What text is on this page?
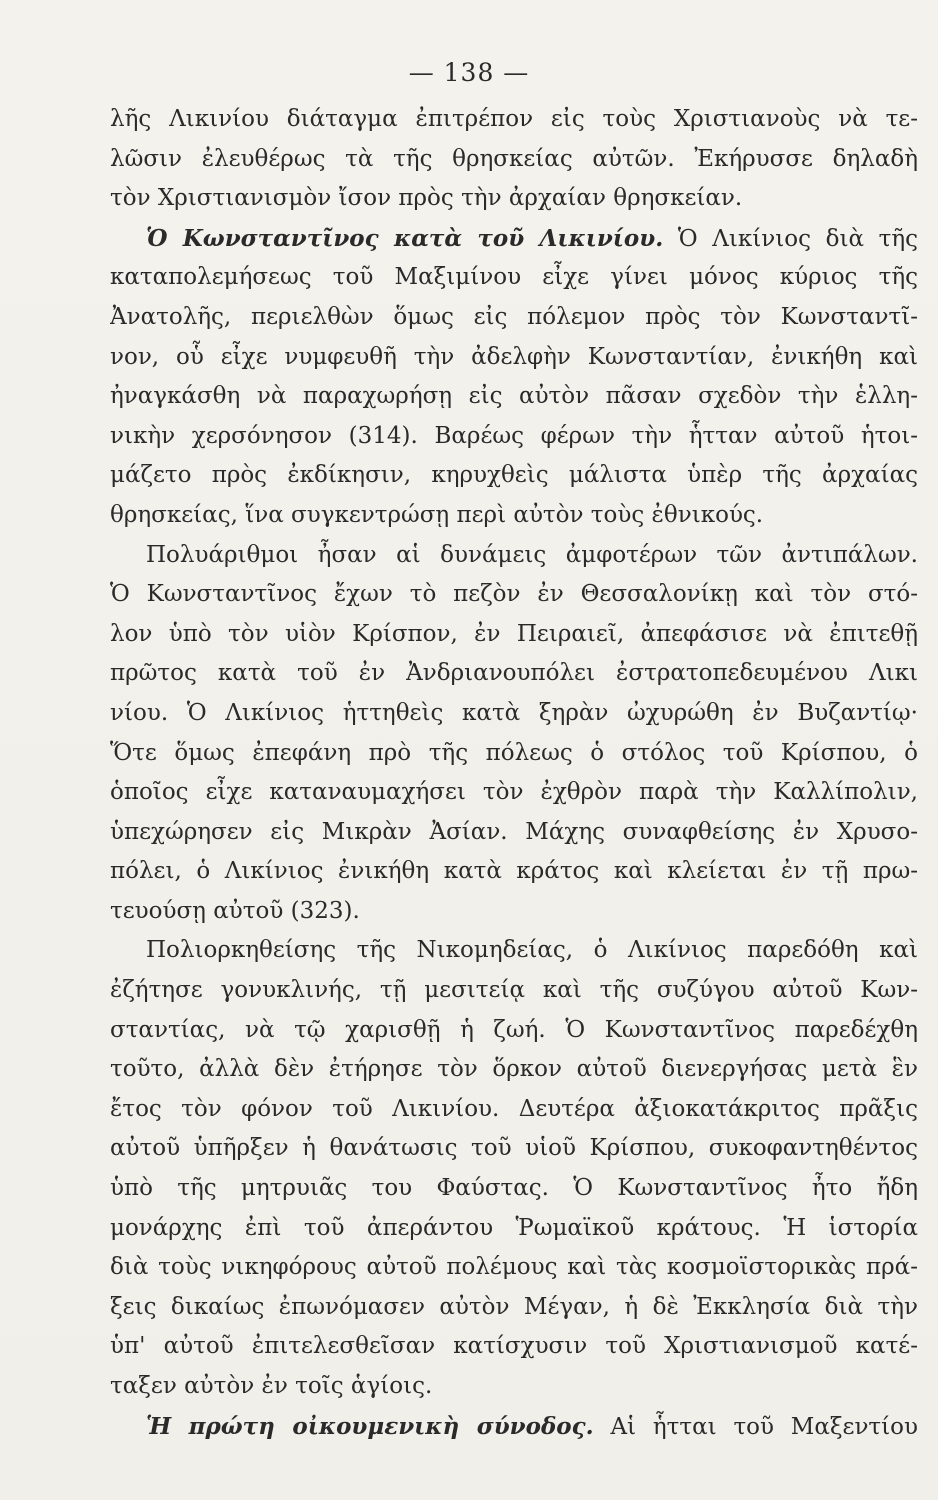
— 138 —
λῆς Λικινίου διάταγμα ἐπιτρέπον εἰς τοὺς Χριστιανοὺς νὰ τε-
λῶσιν ἐλευθέρως τὰ τῆς θρησκείας αὐτῶν. Ἐκήρυσσε δηλαδὴ
τὸν Χριστιανισμὸν ἴσον πρὸς τὴν ἀρχαίαν θρησκείαν.
Ὁ Κωνσταντῖνος κατὰ τοῦ Λικινίου. Ὁ Λικίνιος διὰ τῆς
καταπολεμήσεως τοῦ Μαξιμίνου εἶχε γίνει μόνος κύριος τῆς
Ἀνατολῆς, περιελθὼν ὅμως εἰς πόλεμον πρὸς τὸν Κωνσταντῖ-
νον, οὗ εἶχε νυμφευθῆ τὴν ἀδελφὴν Κωνσταντίαν, ἐνικήθη καὶ
ἠναγκάσθη νὰ παραχωρήσῃ εἰς αὐτὸν πᾶσαν σχεδὸν τὴν ἑλλη-
νικὴν χερσόνησον (314). Βαρέως φέρων τὴν ἧτταν αὐτοῦ ἡτοι-
μάζετο πρὸς ἐκδίκησιν, κηρυχθεὶς μάλιστα ὑπὲρ τῆς ἀρχαίας
θρησκείας, ἵνα συγκεντρώσῃ περὶ αὐτὸν τοὺς ἐθνικούς.
Πολυάριθμοι ἦσαν αἱ δυνάμεις ἀμφοτέρων τῶν ἀντιπάλων.
Ὁ Κωνσταντῖνος ἔχων τὸ πεζὸν ἐν Θεσσαλονίκῃ καὶ τὸν στό-
λον ὑπὸ τὸν υἱὸν Κρίσπον, ἐν Πειραιεῖ, ἀπεφάσισε νὰ ἐπιτεθῇ
πρῶτος κατὰ τοῦ ἐν Ἀνδριανουπόλει ἐστρατοπεδευμένου Λικι
νίου. Ὁ Λικίνιος ἡττηθεὶς κατὰ ξηρὰν ὠχυρώθη ἐν Βυζαντίῳ·
Ὅτε ὅμως ἐπεφάνη πρὸ τῆς πόλεως ὁ στόλος τοῦ Κρίσπου, ὁ
ὁποῖος εἶχε καταναυμαχήσει τὸν ἐχθρὸν παρὰ τὴν Καλλίπολιν,
ὑπεχώρησεν εἰς Μικρὰν Ἀσίαν. Μάχης συναφθείσης ἐν Χρυσο-
πόλει, ὁ Λικίνιος ἐνικήθη κατὰ κράτος καὶ κλείεται ἐν τῇ πρω-
τευούσῃ αὐτοῦ (323).
Πολιορκηθείσης τῆς Νικομηδείας, ὁ Λικίνιος παρεδόθη καὶ
ἐζήτησε γονυκλινής, τῇ μεσιτείᾳ καὶ τῆς συζύγου αὐτοῦ Κων-
σταντίας, νὰ τῷ χαρισθῇ ἡ ζωή. Ὁ Κωνσταντῖνος παρεδέχθη
τοῦτο, ἀλλὰ δὲν ἐτήρησε τὸν ὅρκον αὐτοῦ διενεργήσας μετὰ ἓν
ἔτος τὸν φόνον τοῦ Λικινίου. Δευτέρα ἀξιοκατάκριτος πρᾶξις
αὐτοῦ ὑπῆρξεν ἡ θανάτωσις τοῦ υἱοῦ Κρίσπου, συκοφαντηθέντος
ὑπὸ τῆς μητρυιᾶς του Φαύστας. Ὁ Κωνσταντῖνος ἦτο ἤδη
μονάρχης ἐπὶ τοῦ ἀπεράντου Ῥωμαϊκοῦ κράτους. Ἡ ἱστορία
διὰ τοὺς νικηφόρους αὐτοῦ πολέμους καὶ τὰς κοσμοϊστορικὰς πρά-
ξεις δικαίως ἐπωνόμασεν αὐτὸν Μέγαν, ἡ δὲ Ἐκκλησία διὰ τὴν
ὑπ' αὐτοῦ ἐπιτελεσθεῖσαν κατίσχυσιν τοῦ Χριστιανισμοῦ κατέ-
ταξεν αὐτὸν ἐν τοῖς ἁγίοις.
Ἡ πρώτη οἰκουμενικὴ σύνοδος. Αἱ ἧτται τοῦ Μαξεντίου
